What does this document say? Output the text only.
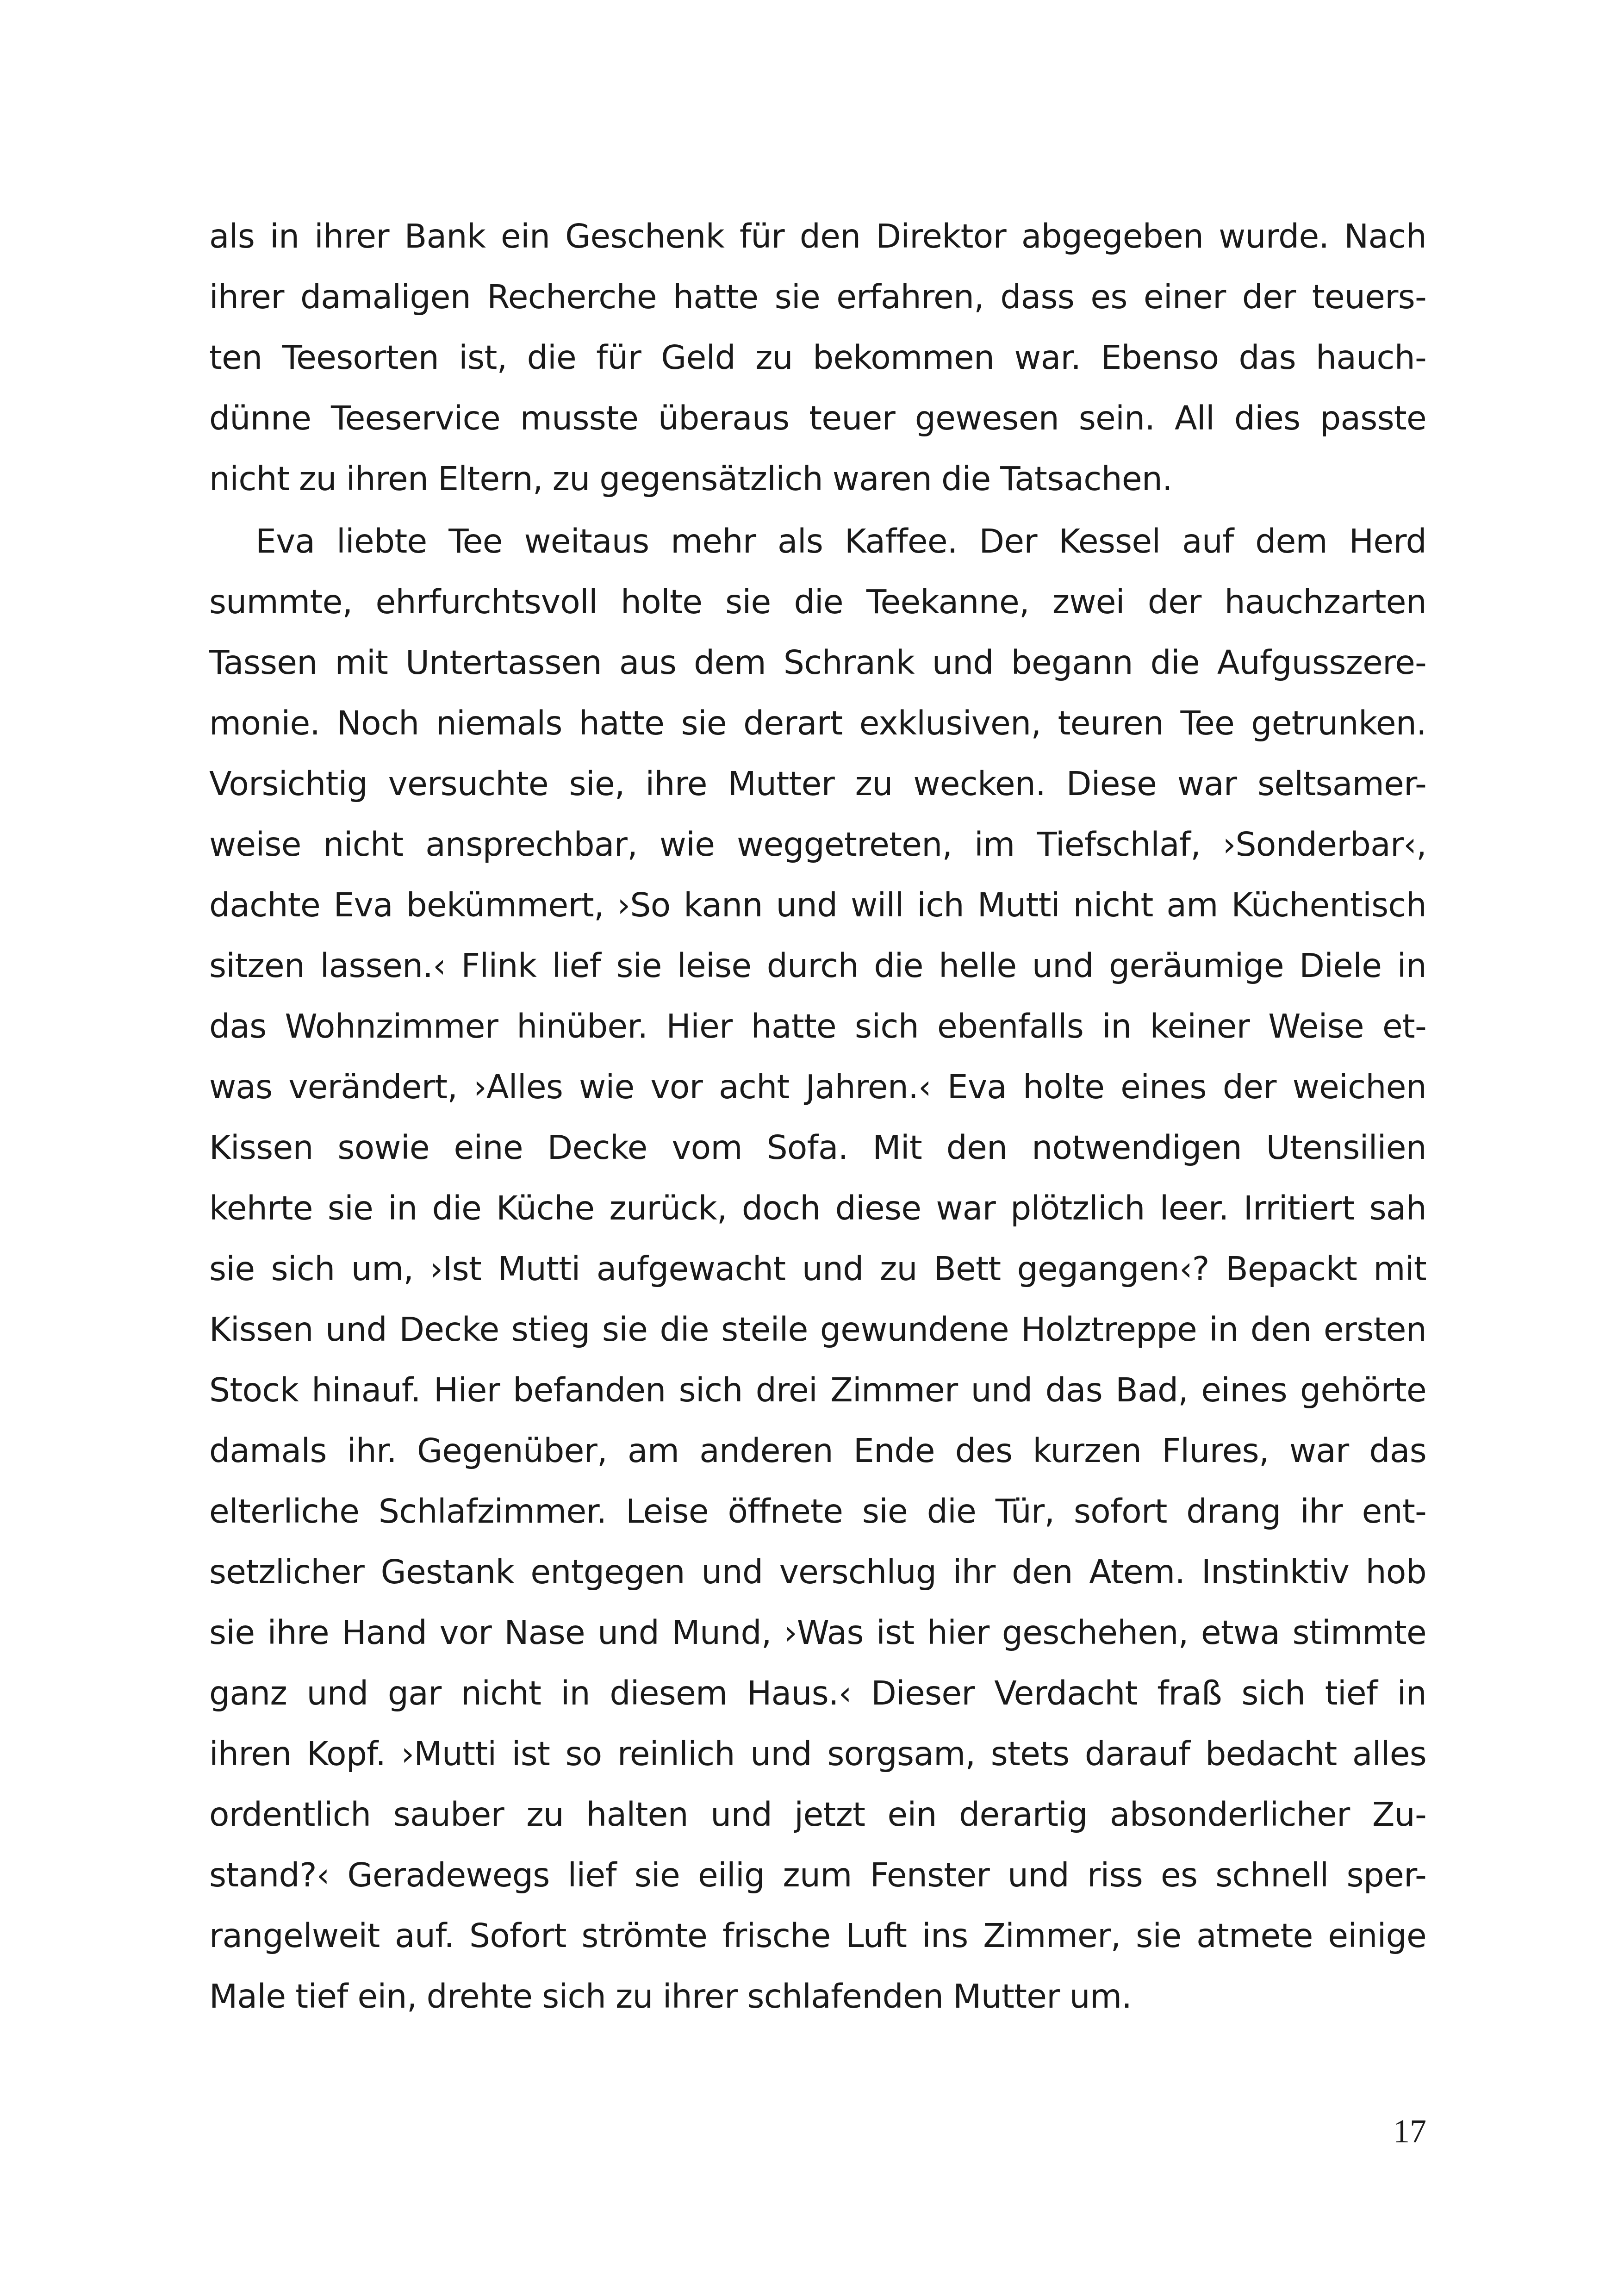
als in ihrer Bank ein Geschenk für den Direktor abgegeben wurde. Nach
ihrer damaligen Recherche hatte sie erfahren, dass es einer der teuers-
ten Teesorten ist, die für Geld zu bekommen war. Ebenso das hauch-
dünne Teeservice musste überaus teuer gewesen sein. All dies passte
nicht zu ihren Eltern, zu gegensätzlich waren die Tatsachen.
Eva liebte Tee weitaus mehr als Kaffee. Der Kessel auf dem Herd
summte, ehrfurchtsvoll holte sie die Teekanne, zwei der hauchzarten
Tassen mit Untertassen aus dem Schrank und begann die Aufgusszere-
monie. Noch niemals hatte sie derart exklusiven, teuren Tee getrunken.
Vorsichtig versuchte sie, ihre Mutter zu wecken. Diese war seltsamer-
weise nicht ansprechbar, wie weggetreten, im Tiefschlaf, ›Sonderbar‹,
dachte Eva bekümmert, ›So kann und will ich Mutti nicht am Küchentisch
sitzen lassen.‹ Flink lief sie leise durch die helle und geräumige Diele in
das Wohnzimmer hinüber. Hier hatte sich ebenfalls in keiner Weise et-
was verändert, ›Alles wie vor acht Jahren.‹ Eva holte eines der weichen
Kissen sowie eine Decke vom Sofa. Mit den notwendigen Utensilien
kehrte sie in die Küche zurück, doch diese war plötzlich leer. Irritiert sah
sie sich um, ›Ist Mutti aufgewacht und zu Bett gegangen‹? Bepackt mit
Kissen und Decke stieg sie die steile gewundene Holztreppe in den ersten
Stock hinauf. Hier befanden sich drei Zimmer und das Bad, eines gehörte
damals ihr. Gegenüber, am anderen Ende des kurzen Flures, war das
elterliche Schlafzimmer. Leise öffnete sie die Tür, sofort drang ihr ent-
setzlicher Gestank entgegen und verschlug ihr den Atem. Instinktiv hob
sie ihre Hand vor Nase und Mund, ›Was ist hier geschehen, etwa stimmte
ganz und gar nicht in diesem Haus.‹ Dieser Verdacht fraß sich tief in
ihren Kopf. ›Mutti ist so reinlich und sorgsam, stets darauf bedacht alles
ordentlich sauber zu halten und jetzt ein derartig absonderlicher Zu-
stand?‹ Geradewegs lief sie eilig zum Fenster und riss es schnell sper-
rangelweit auf. Sofort strömte frische Luft ins Zimmer, sie atmete einige
Male tief ein, drehte sich zu ihrer schlafenden Mutter um.
17
